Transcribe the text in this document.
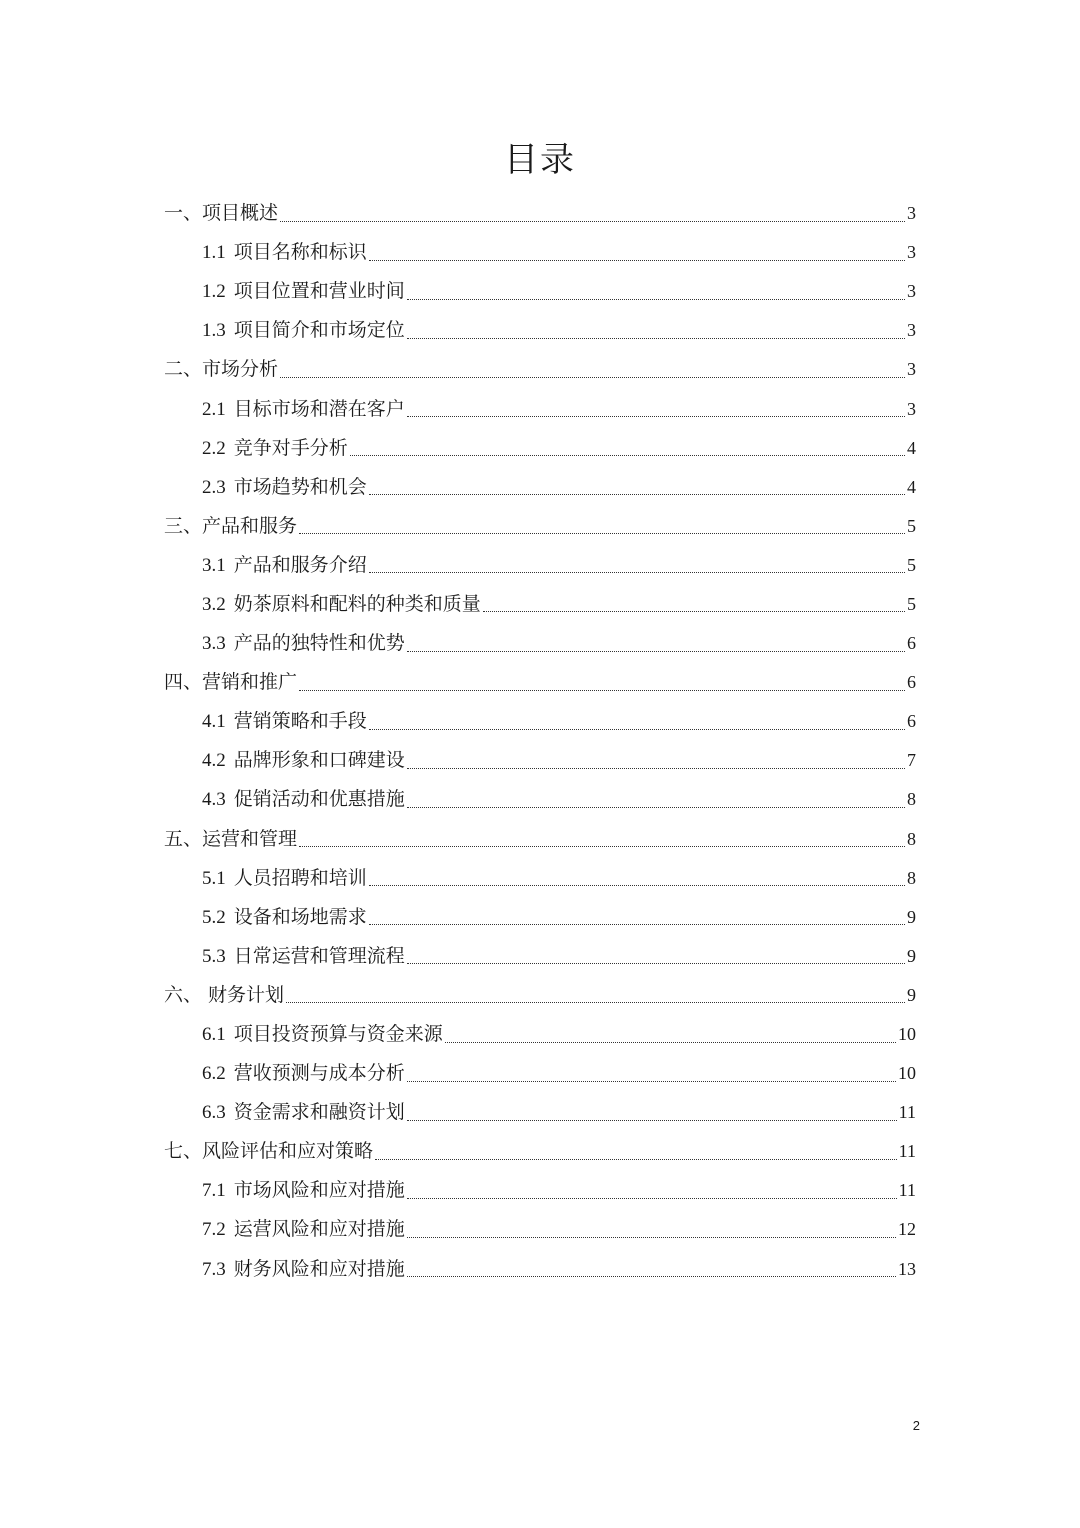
目录
一、项目概述	3
1.1 项目名称和标识	3
1.2 项目位置和营业时间	3
1.3 项目简介和市场定位	3
二、市场分析	3
2.1 目标市场和潜在客户	3
2.2 竞争对手分析	4
2.3 市场趋势和机会	4
三、产品和服务	5
3.1 产品和服务介绍	5
3.2 奶茶原料和配料的种类和质量	5
3.3 产品的独特性和优势	6
四、营销和推广	6
4.1 营销策略和手段	6
4.2 品牌形象和口碑建设	7
4.3 促销活动和优惠措施	8
五、运营和管理	8
5.1 人员招聘和培训	8
5.2 设备和场地需求	9
5.3 日常运营和管理流程	9
六、 财务计划	9
6.1 项目投资预算与资金来源	10
6.2 营收预测与成本分析	10
6.3 资金需求和融资计划	11
七、风险评估和应对策略	11
7.1 市场风险和应对措施	11
7.2 运营风险和应对措施	12
7.3 财务风险和应对措施	13
2
